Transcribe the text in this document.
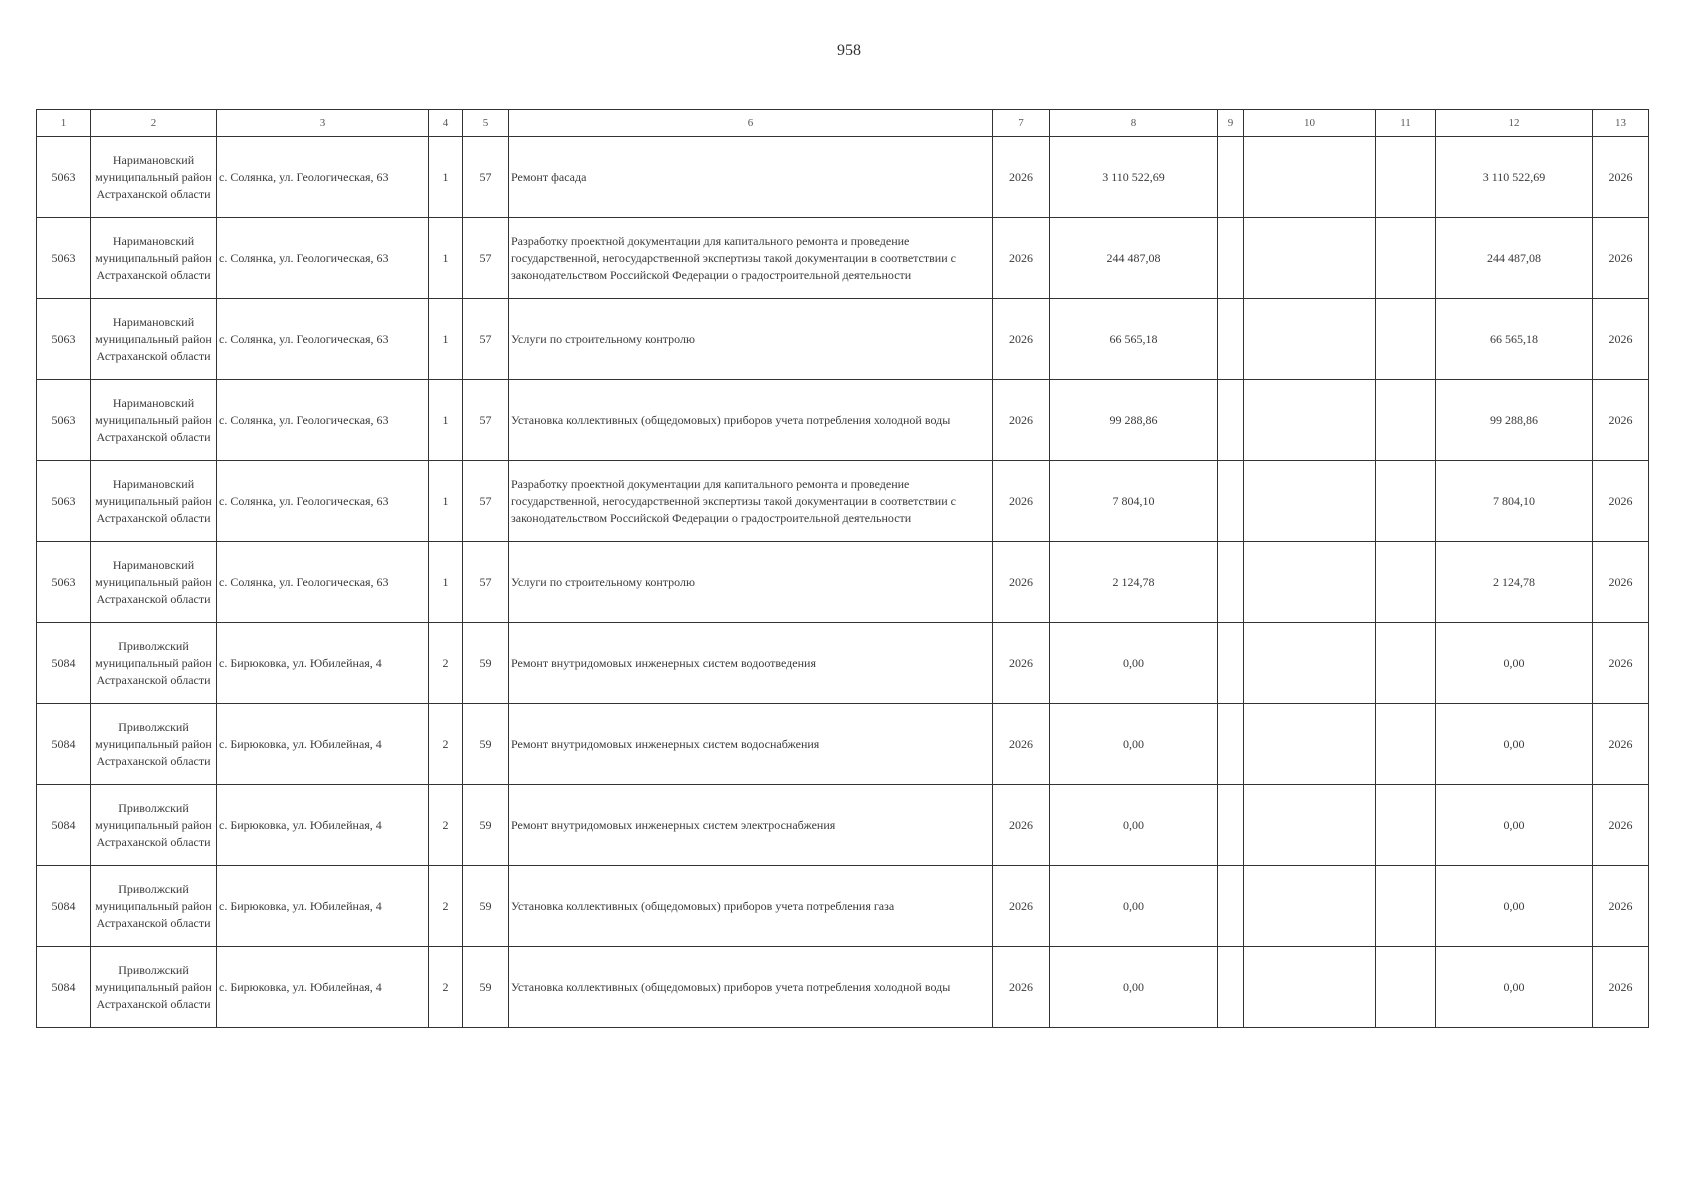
958
1	2	3	4	5	6	7	8	9	10	11	12	13
5063	Наримановский муниципальный район Астраханской области	с. Солянка, ул. Геологическая, 63	1	57	Ремонт фасада	2026	3 110 522,69				3 110 522,69	2026
5063	Наримановский муниципальный район Астраханской области	с. Солянка, ул. Геологическая, 63	1	57	Разработку проектной документации для капитального ремонта и проведение государственной, негосударственной экспертизы такой документации в соответствии с законодательством Российской Федерации о градостроительной деятельности	2026	244 487,08				244 487,08	2026
5063	Наримановский муниципальный район Астраханской области	с. Солянка, ул. Геологическая, 63	1	57	Услуги по строительному контролю	2026	66 565,18				66 565,18	2026
5063	Наримановский муниципальный район Астраханской области	с. Солянка, ул. Геологическая, 63	1	57	Установка коллективных (общедомовых) приборов учета потребления холодной воды	2026	99 288,86				99 288,86	2026
5063	Наримановский муниципальный район Астраханской области	с. Солянка, ул. Геологическая, 63	1	57	Разработку проектной документации для капитального ремонта и проведение государственной, негосударственной экспертизы такой документации в соответствии с законодательством Российской Федерации о градостроительной деятельности	2026	7 804,10				7 804,10	2026
5063	Наримановский муниципальный район Астраханской области	с. Солянка, ул. Геологическая, 63	1	57	Услуги по строительному контролю	2026	2 124,78				2 124,78	2026
5084	Приволжский муниципальный район Астраханской области	с. Бирюковка, ул. Юбилейная, 4	2	59	Ремонт внутридомовых инженерных систем водоотведения	2026	0,00				0,00	2026
5084	Приволжский муниципальный район Астраханской области	с. Бирюковка, ул. Юбилейная, 4	2	59	Ремонт внутридомовых инженерных систем водоснабжения	2026	0,00				0,00	2026
5084	Приволжский муниципальный район Астраханской области	с. Бирюковка, ул. Юбилейная, 4	2	59	Ремонт внутридомовых инженерных систем электроснабжения	2026	0,00				0,00	2026
5084	Приволжский муниципальный район Астраханской области	с. Бирюковка, ул. Юбилейная, 4	2	59	Установка коллективных (общедомовых) приборов учета потребления газа	2026	0,00				0,00	2026
5084	Приволжский муниципальный район Астраханской области	с. Бирюковка, ул. Юбилейная, 4	2	59	Установка коллективных (общедомовых) приборов учета потребления холодной воды	2026	0,00				0,00	2026
